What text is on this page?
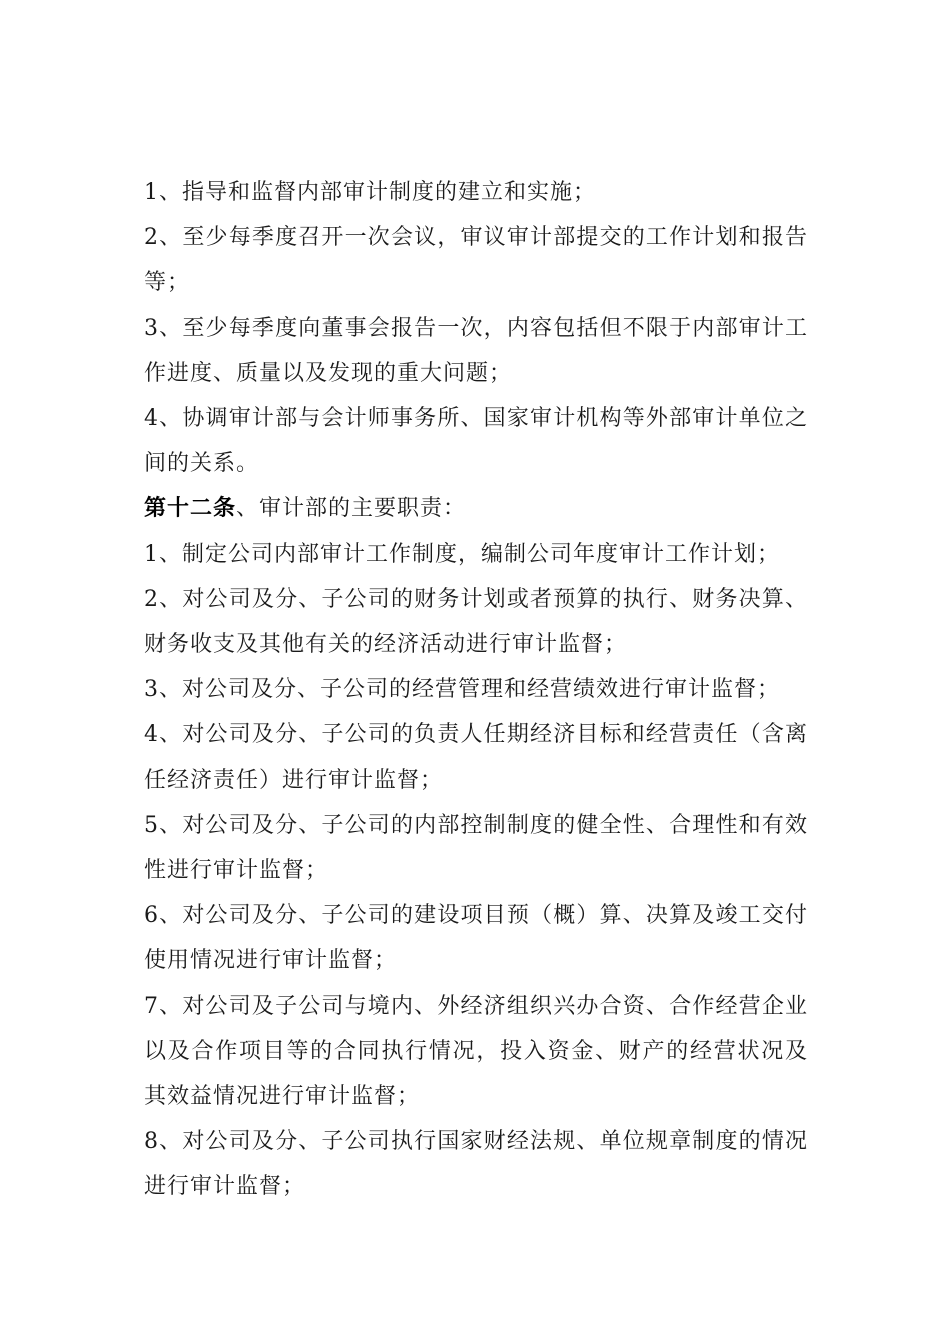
1、指导和监督内部审计制度的建立和实施；

2、至少每季度召开一次会议，审议审计部提交的工作计划和报告等；

3、至少每季度向董事会报告一次，内容包括但不限于内部审计工作进度、质量以及发现的重大问题；

4、协调审计部与会计师事务所、国家审计机构等外部审计单位之间的关系。

第十二条、审计部的主要职责：

1、制定公司内部审计工作制度，编制公司年度审计工作计划；

2、对公司及分、子公司的财务计划或者预算的执行、财务决算、财务收支及其他有关的经济活动进行审计监督；

3、对公司及分、子公司的经营管理和经营绩效进行审计监督；

4、对公司及分、子公司的负责人任期经济目标和经营责任（含离任经济责任）进行审计监督；

5、对公司及分、子公司的内部控制制度的健全性、合理性和有效性进行审计监督；

6、对公司及分、子公司的建设项目预（概）算、决算及竣工交付使用情况进行审计监督；

7、对公司及子公司与境内、外经济组织兴办合资、合作经营企业以及合作项目等的合同执行情况，投入资金、财产的经营状况及其效益情况进行审计监督；

8、对公司及分、子公司执行国家财经法规、单位规章制度的情况进行审计监督；
